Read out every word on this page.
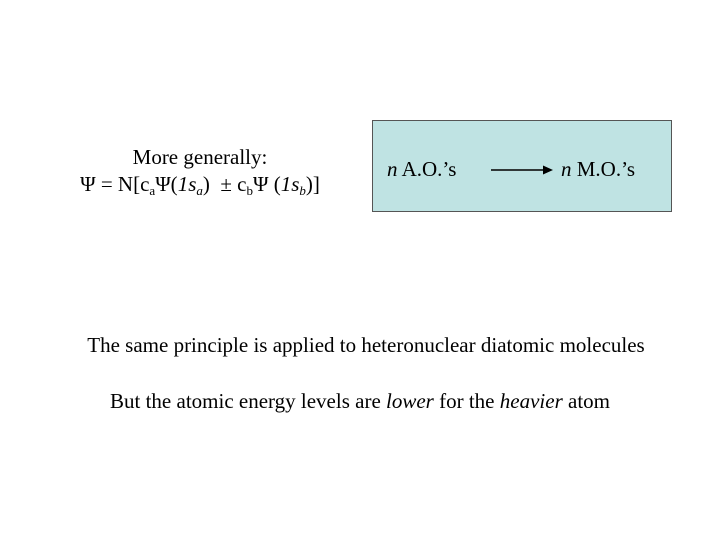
More generally:
$\Psi = N[c_a\Psi(1s_a) \pm c_b\Psi$ $(1s_b)$]
n A.O.’s	n M.O.’s
The same principle is applied to heteronuclear diatomic molecules
But the atomic energy levels are lower for the heavier atom
